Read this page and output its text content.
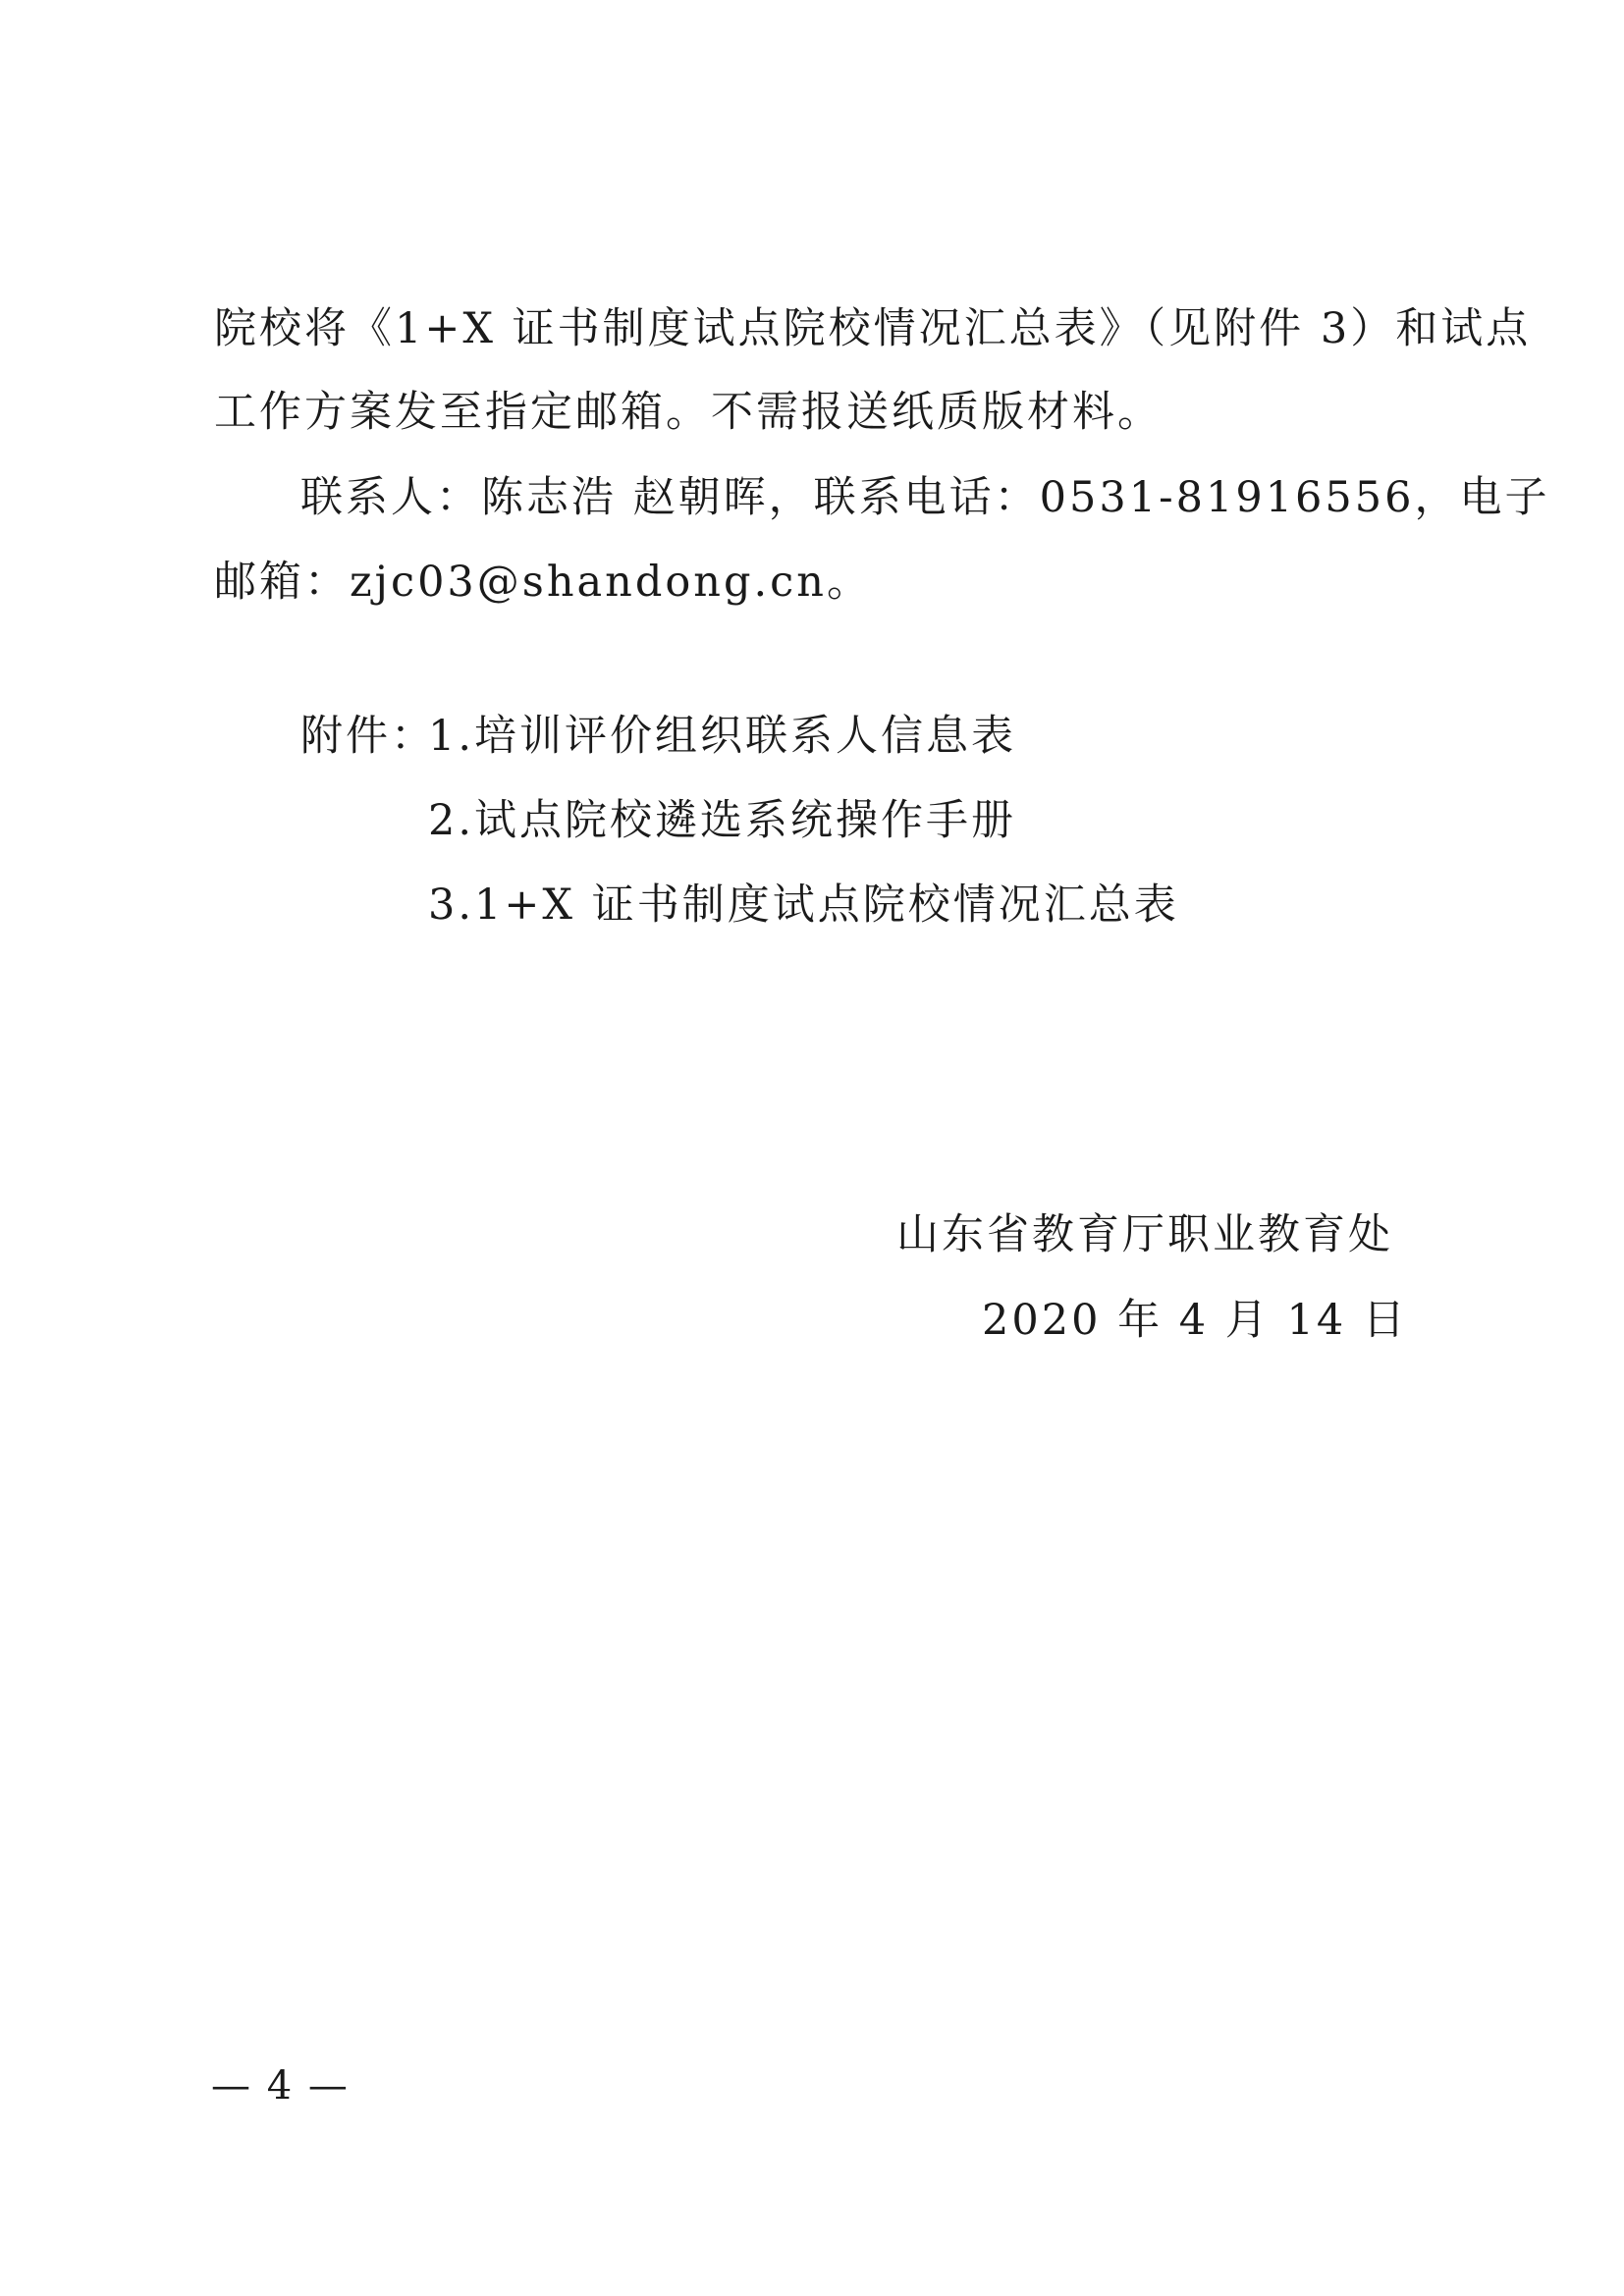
院校将《1+X 证书制度试点院校情况汇总表》（见附件 3）和试点
工作方案发至指定邮箱。不需报送纸质版材料。
联系人：陈志浩 赵朝晖，联系电话：0531-81916556，电子
邮箱：zjc03@shandong.cn。
附件：
1.培训评价组织联系人信息表
2.试点院校遴选系统操作手册
3.1+X 证书制度试点院校情况汇总表
山东省教育厅职业教育处
2020 年 4 月 14 日
— 4 —
